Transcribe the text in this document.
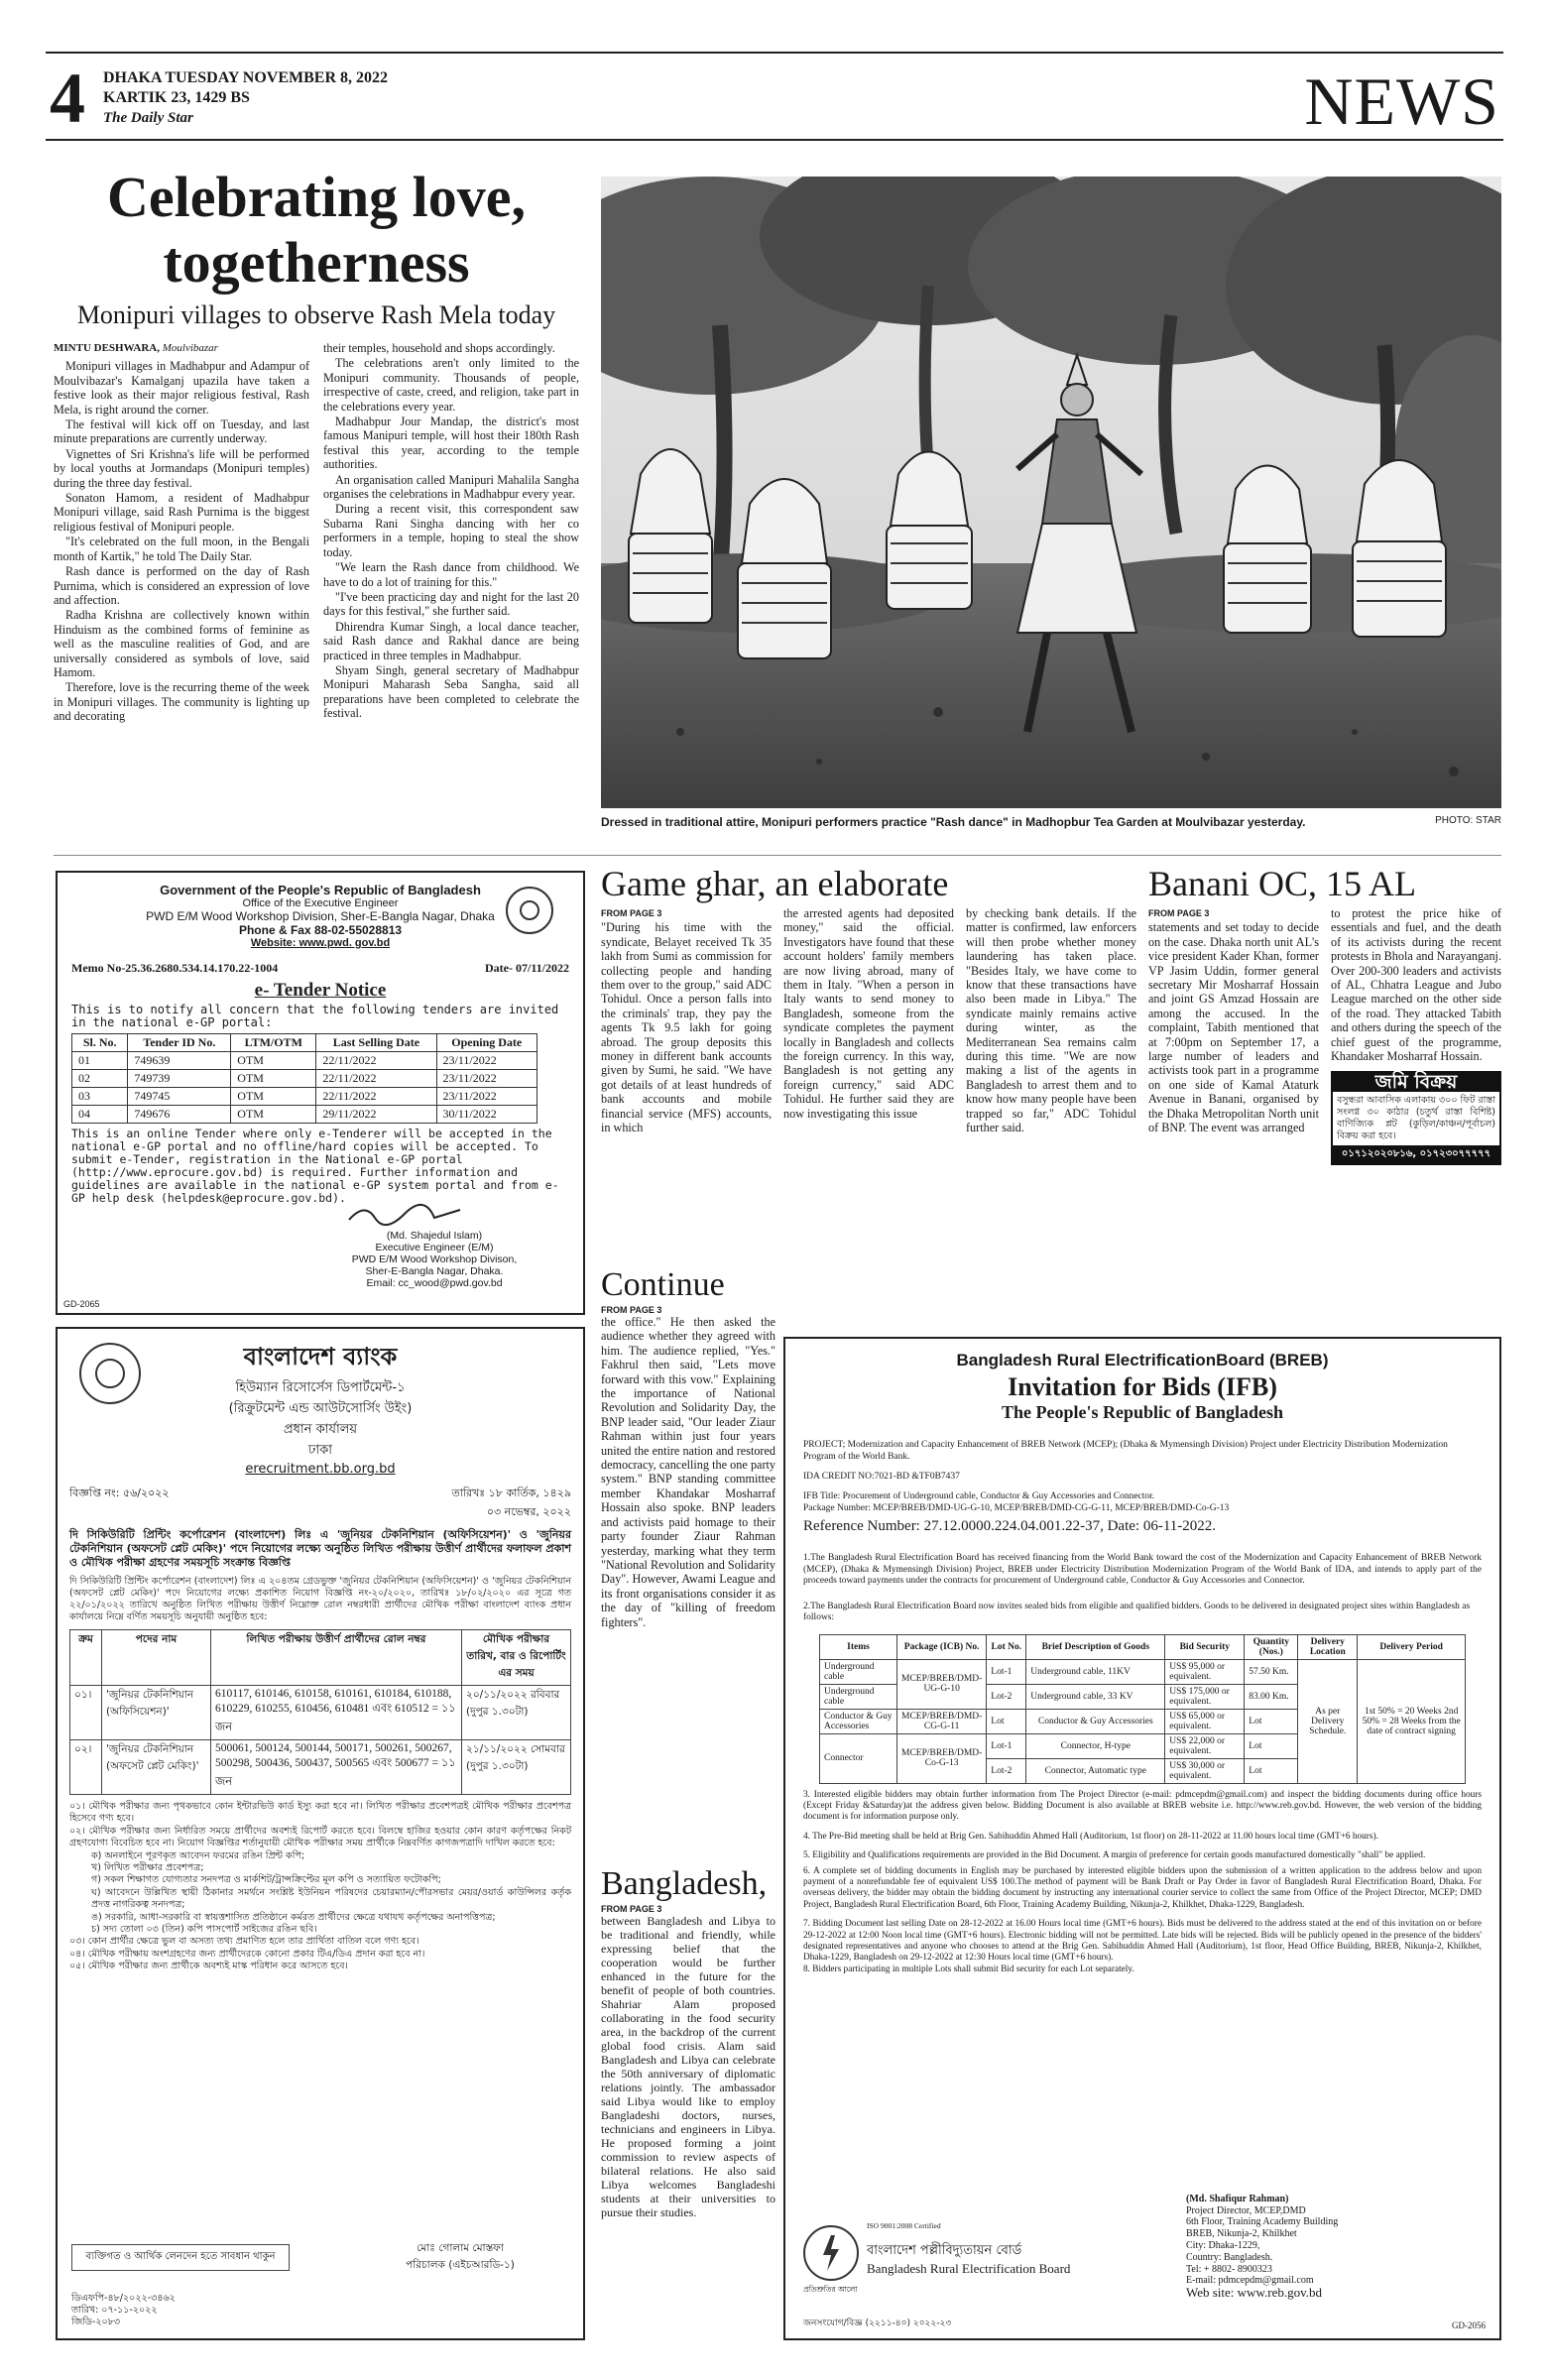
4 DHAKA TUESDAY NOVEMBER 8, 2022
KARTIK 23, 1429 BS
The Daily Star	NEWS
Celebrating love, togetherness
Monipuri villages to observe Rash Mela today
MINTU DESHWARA, Moulvibazar

Monipuri villages in Madhabpur and Adampur of Moulvibazar's Kamalganj upazila have taken a festive look as their major religious festival, Rash Mela, is right around the corner.

The festival will kick off on Tuesday, and last minute preparations are currently underway.

Vignettes of Sri Krishna's life will be performed by local youths at Jormandaps (Monipuri temples) during the three day festival.

Sonaton Hamom, a resident of Madhabpur Monipuri village, said Rash Purnima is the biggest religious festival of Monipuri people.

"It's celebrated on the full moon, in the Bengali month of Kartik," he told The Daily Star.

Rash dance is performed on the day of Rash Purnima, which is considered an expression of love and affection.

Radha Krishna are collectively known within Hinduism as the combined forms of feminine as well as the masculine realities of God, and are universally considered as symbols of love, said Hamom.

Therefore, love is the recurring theme of the week in Monipuri villages. The community is lighting up and decorating

their temples, household and shops accordingly.

The celebrations aren't only limited to the Monipuri community. Thousands of people, irrespective of caste, creed, and religion, take part in the celebrations every year.

Madhabpur Jour Mandap, the district's most famous Manipuri temple, will host their 180th Rash festival this year, according to the temple authorities.

An organisation called Manipuri Mahalila Sangha organises the celebrations in Madhabpur every year.

During a recent visit, this correspondent saw Subarna Rani Singha dancing with her co performers in a temple, hoping to steal the show today.

"We learn the Rash dance from childhood. We have to do a lot of training for this."

"I've been practicing day and night for the last 20 days for this festival," she further said.

Dhirendra Kumar Singh, a local dance teacher, said Rash dance and Rakhal dance are being practiced in three temples in Madhabpur.

Shyam Singh, general secretary of Madhabpur Monipuri Maharash Seba Sangha, said all preparations have been completed to celebrate the festival.

Dressed in traditional attire, Monipuri performers practice "Rash dance" in Madhopbur Tea Garden at Moulvibazar yesterday.	PHOTO: STAR
Government of the People's Republic of Bangladesh
Office of the Executive Engineer
PWD E/M Wood Workshop Division, Sher-E-Bangla Nagar, Dhaka
Phone & Fax 88-02-55028813
Website: www.pwd. gov.bd
Memo No-25.36.2680.534.14.170.22-1004	Date- 07/11/2022
e- Tender Notice
This is to notify all concern that the following tenders are invited in the national e-GP portal:
Sl. No.	Tender ID No.	LTM/OTM	Last Selling Date	Opening Date
01	749639	OTM	22/11/2022	23/11/2022
02	749739	OTM	22/11/2022	23/11/2022
03	749745	OTM	22/11/2022	23/11/2022
04	749676	OTM	29/11/2022	30/11/2022
This is an online Tender where only e-Tenderer will be accepted in the national e-GP portal and no offline/hard copies will be accepted. To submit e-Tender, registration in the National e-GP portal (http://www.eprocure.gov.bd) is required. Further information and guidelines are available in the national e-GP system portal and from e-GP help desk (helpdesk@eprocure.gov.bd).
(Md. Shajedul Islam)
Executive Engineer (E/M)
PWD E/M Wood Workshop Divison,
Sher-E-Bangla Nagar, Dhaka.
Email: cc_wood@pwd.gov.bd
GD-2065
বাংলাদেশ ব্যাংক
হিউম্যান রিসোর্সেস ডিপার্টমেন্ট-১
(রিক্রুটমেন্ট এন্ড আউটসোর্সিং উইং)
প্রধান কার্যালয়
ঢাকা
erecruitment.bb.org.bd
বিজ্ঞপ্তি নং: ৫৬/২০২২	তারিখঃ ১৮ কার্তিক, ১৪২৯
০৩ নভেম্বর, ২০২২
দি সিকিউরিটি প্রিন্টিং কর্পোরেশন (বাংলাদেশ) লিঃ এ 'জুনিয়র টেকনিশিয়ান (অফিসিয়েশন)' ও 'জুনিয়র টেকনিশিয়ান (অফসেট প্লেট মেকিং)' পদে নিয়োগের লক্ষ্যে অনুষ্ঠিত লিখিত পরীক্ষায় উত্তীর্ণ প্রার্থীদের ফলাফল প্রকাশ ও মৌখিক পরীক্ষা গ্রহণের সময়সূচি সংক্রান্ত বিজ্ঞপ্তি
দি সিকিউরিটি প্রিন্টিং কর্পোরেশন (বাংলাদেশ) লিঃ এ ২০৪তম গ্রেডভুক্ত 'জুনিয়র টেকনিশিয়ান (অফিসিয়েশন)' ও 'জুনিয়র টেকনিশিয়ান (অফসেট প্লেট মেকিং)' পদে নিয়োগের লক্ষ্যে প্রকাশিত নিয়োগ বিজ্ঞপ্তি নং-২০/২০২০, তারিখঃ ১৮/০২/২০২০ এর সূত্রে গত ২২/০১/২০২২ তারিখে অনুষ্ঠিত লিখিত পরীক্ষায় উত্তীর্ণ নিম্নোক্ত রোল নম্বরধারী প্রার্থীদের মৌখিক পরীক্ষা বাংলাদেশ ব্যাংক প্রধান কার্যালয়ে নিম্নে বর্ণিত সময়সূচি অনুযায়ী অনুষ্ঠিত হবে:
ক্রম	পদের নাম	লিখিত পরীক্ষায় উত্তীর্ণ প্রার্থীদের রোল নম্বর	মৌখিক পরীক্ষার তারিখ, বার ও রিপোর্টিং এর সময়
০১।	'জুনিয়র টেকনিশিয়ান (অফিসিয়েশন)'	610117, 610146, 610158, 610161, 610184, 610188, 610229, 610255, 610456, 610481 এবং 610512 = ১১ জন	২০/১১/২০২২ রবিবার (দুপুর ১.৩০টা)
০২।	'জুনিয়র টেকনিশিয়ান (অফসেট প্লেট মেকিং)'	500061, 500124, 500144, 500171, 500261, 500267, 500298, 500436, 500437, 500565 এবং 500677 = ১১ জন	২১/১১/২০২২ সোমবার (দুপুর ১.৩০টা)
০১। মৌখিক পরীক্ষার জন্য পৃথকভাবে কোন ইন্টারভিউ কার্ড ইস্যু করা হবে না। লিখিত পরীক্ষার প্রবেশপত্রই মৌখিক পরীক্ষার প্রবেশপত্র হিসেবে গণ্য হবে।
০২। মৌখিক পরীক্ষার জন্য নির্ধারিত সময়ে প্রার্থীদের অবশ্যই রিপোর্ট করতে হবে। বিলম্বে হাজির হওয়ার কোন কারণ কর্তৃপক্ষের নিকট গ্রহণযোগ্য বিবেচিত হবে না। নিয়োগ বিজ্ঞপ্তির শর্তানুযায়ী মৌখিক পরীক্ষার সময় প্রার্থীকে নিম্নবর্ণিত কাগজপত্রাদি দাখিল করতে হবে:
ক) অনলাইনে পূরণকৃত আবেদন ফরমের রঙিন প্রিন্ট কপি;
খ) লিখিত পরীক্ষার প্রবেশপত্র;
গ) সকল শিক্ষাগত যোগ্যতার সনদপত্র ও মার্কশিট/ট্রান্সক্রিপ্টের মূল কপি ও সত্যায়িত ফটোকপি;
ঘ) আবেদনে উল্লিখিত স্থায়ী ঠিকানার সমর্থনে সংশ্লিষ্ট ইউনিয়ন পরিষদের চেয়ারম্যান/পৌরসভার মেয়র/ওয়ার্ড কাউন্সিলর কর্তৃক প্রদত্ত নাগরিকত্ব সনদপত্র;
ঙ) সরকারি, আধা-সরকারি বা স্বায়ত্তশাসিত প্রতিষ্ঠানে কর্মরত প্রার্থীদের ক্ষেত্রে যথাযথ কর্তৃপক্ষের অনাপত্তিপত্র;
চ) সদ্য তোলা ০৩ (তিন) কপি পাসপোর্ট সাইজের রঙিন ছবি।
০৩। কোন প্রার্থীর ক্ষেত্রে ভুল বা অসত্য তথ্য প্রমাণিত হলে তার প্রার্থিতা বাতিল বলে গণ্য হবে।
০৪। মৌখিক পরীক্ষায় অংশগ্রহণের জন্য প্রার্থীদেরকে কোনো প্রকার টিএ/ডিএ প্রদান করা হবে না।
০৫। মৌখিক পরীক্ষার জন্য প্রার্থীকে অবশ্যই মাস্ক পরিধান করে আসতে হবে।
ব্যক্তিগত ও আর্থিক লেনদেন হতে সাবধান থাকুন
মোঃ গোলাম মোস্তফা
পরিচালক (এইচআরডি-১)
ডিএফপি-৪৮/২০২২-৩৪৬২
তারিখ: ০৭-১১-২০২২
জিডি-২০৮৩
Game ghar, an elaborate
FROM PAGE 3
"During his time with the syndicate, Belayet received Tk 35 lakh from Sumi as commission for collecting people and handing them over to the group," said ADC Tohidul. Once a person falls into the criminals' trap, they pay the agents Tk 9.5 lakh for going abroad. The group deposits this money in different bank accounts given by Sumi, he said. "We have got details of at least hundreds of bank accounts and mobile financial service (MFS) accounts, in which
the arrested agents had deposited money," said the official. Investigators have found that these account holders' family members are now living abroad, many of them in Italy. "When a person in Italy wants to send money to Bangladesh, someone from the syndicate completes the payment locally in Bangladesh and collects the foreign currency. In this way, Bangladesh is not getting any foreign currency," said ADC Tohidul. He further said they are now investigating this issue
by checking bank details. If the matter is confirmed, law enforcers will then probe whether money laundering has taken place. "Besides Italy, we have come to know that these transactions have also been made in Libya." The syndicate mainly remains active during winter, as the Mediterranean Sea remains calm during this time. "We are now making a list of the agents in Bangladesh to arrest them and to know how many people have been trapped so far," ADC Tohidul further said.
Banani OC, 15 AL
FROM PAGE 3
statements and set today to decide on the case. Dhaka north unit AL's vice president Kader Khan, former VP Jasim Uddin, former general secretary Mir Mosharraf Hossain and joint GS Amzad Hossain are among the accused. In the complaint, Tabith mentioned that at 7:00pm on September 17, a large number of leaders and activists took part in a programme on one side of Kamal Ataturk Avenue in Banani, organised by the Dhaka Metropolitan North unit of BNP. The event was arranged
to protest the price hike of essentials and fuel, and the death of its activists during the recent protests in Bhola and Narayanganj. Over 200-300 leaders and activists of AL, Chhatra League and Jubo League marched on the other side of the road. They attacked Tabith and others during the speech of the chief guest of the programme, Khandaker Mosharraf Hossain.
জমি বিক্রয়
বসুন্ধরা আবাসিক এলাকায় ৩০০ ফিট রাস্তা সংলগ্ন ৩০ কাঠার (চতুর্থ রাস্তা বিশিষ্ট) বাণিজ্যিক প্লট (কুড়িল/কাঞ্চন/পূর্বাচল) বিক্রয় করা হবে।
০১৭১২০২০৮১৬, ০১৭২৩০৭৭৭৭৭
Continue
FROM PAGE 3
the office." He then asked the audience whether they agreed with him. The audience replied, "Yes." Fakhrul then said, "Lets move forward with this vow." Explaining the importance of National Revolution and Solidarity Day, the BNP leader said, "Our leader Ziaur Rahman within just four years united the entire nation and restored democracy, cancelling the one party system." BNP standing committee member Khandakar Mosharraf Hossain also spoke. BNP leaders and activists paid homage to their party founder Ziaur Rahman yesterday, marking what they term "National Revolution and Solidarity Day". However, Awami League and its front organisations consider it as the day of "killing of freedom fighters".
Bangladesh,
FROM PAGE 3
between Bangladesh and Libya to be traditional and friendly, while expressing belief that the cooperation would be further enhanced in the future for the benefit of people of both countries. Shahriar Alam proposed collaborating in the food security area, in the backdrop of the current global food crisis. Alam said Bangladesh and Libya can celebrate the 50th anniversary of diplomatic relations jointly. The ambassador said Libya would like to employ Bangladeshi doctors, nurses, technicians and engineers in Libya. He proposed forming a joint commission to review aspects of bilateral relations. He also said Libya welcomes Bangladeshi students at their universities to pursue their studies.
Bangladesh Rural ElectrificationBoard (BREB)
Invitation for Bids (IFB)
The People's Republic of Bangladesh
PROJECT; Modernization and Capacity Enhancement of BREB Network (MCEP); (Dhaka & Mymensingh Division) Project under Electricity Distribution Modernization Program of the World Bank.
IDA CREDIT NO:7021-BD &TF0B7437
IFB Title: Procurement of Underground cable, Conductor & Guy Accessories and Connector.
Package Number: MCEP/BREB/DMD-UG-G-10, MCEP/BREB/DMD-CG-G-11, MCEP/BREB/DMD-Co-G-13
Reference Number: 27.12.0000.224.04.001.22-37, Date: 06-11-2022.
1.The Bangladesh Rural Electrification Board has received financing from the World Bank toward the cost of the Modernization and Capacity Enhancement of BREB Network (MCEP), (Dhaka & Mymensingh Division) Project, BREB under Electricity Distribution Modernization Program of the World Bank of IDA, and intends to apply part of the proceeds toward payments under the contracts for procurement of Underground cable, Conductor & Guy Accessories and Connector.
2.The Bangladesh Rural Electrification Board now invites sealed bids from eligible and qualified bidders. Goods to be delivered in designated project sites within Bangladesh as follows:
Items	Package (ICB) No.	Lot No.	Brief Description of Goods	Bid Security	Quantity (Nos.)	Delivery Location	Delivery Period
Underground cable	MCEP/BREB/DMD-UG-G-10	Lot-1	Underground cable, 11KV	US$ 95,000 or equivalent.	57.50 Km.	As per Delivery Schedule.	1st 50% = 20 Weeks 2nd 50% = 28 Weeks from the date of contract signing
Underground cable		Lot-2	Underground cable, 33 KV	US$ 175,000 or equivalent.	83.00 Km.		
Conductor & Guy Accessories	MCEP/BREB/DMD-CG-G-11	Lot	Conductor & Guy Accessories	US$ 65,000 or equivalent.	Lot		
Connector	MCEP/BREB/DMD-Co-G-13	Lot-1	Connector, H-type	US$ 22,000 or equivalent.	Lot		
		Lot-2	Connector, Automatic type	US$ 30,000 or equivalent.	Lot		
3. Interested eligible bidders may obtain further information from The Project Director (e-mail: pdmcepdm@gmail.com) and inspect the bidding documents during office hours (Except Friday &Saturday)at the address given below. Bidding Document is also available at BREB website i.e. http://www.reb.gov.bd. However, the web version of the bidding document is for information purpose only.
4. The Pre-Bid meeting shall be held at Brig Gen. Sabihuddin Ahmed Hall (Auditorium, 1st floor) on 28-11-2022 at 11.00 hours local time (GMT+6 hours).
5. Eligibility and Qualifications requirements are provided in the Bid Document. A margin of preference for certain goods manufactured domestically "shall" be applied.
6. A complete set of bidding documents in English may be purchased by interested eligible bidders upon the submission of a written application to the address below and upon payment of a nonrefundable fee of equivalent US$ 100.The method of payment will be Bank Draft or Pay Order in favor of Bangladesh Rural Electrification Board, Dhaka. For overseas delivery, the bidder may obtain the bidding document by instructing any international courier service to collect the same from Office of the Project Director, MCEP; DMD Project, Bangladesh Rural Electrification Board, 6th Floor, Training Academy Building, Nikunja-2, Khilkhet, Dhaka-1229, Bangladesh.
7. Bidding Document last selling Date on 28-12-2022 at 16.00 Hours local time (GMT+6 hours). Bids must be delivered to the address stated at the end of this invitation on or before 29-12-2022 at 12:00 Noon local time (GMT+6 hours). Electronic bidding will not be permitted. Late bids will be rejected. Bids will be publicly opened in the presence of the bidders' designated representatives and anyone who chooses to attend at the Brig Gen. Sabihuddin Ahmed Hall (Auditorium), 1st floor, Head Office Building, BREB, Nikunja-2, Khilkhet, Dhaka-1229, Bangladesh on 29-12-2022 at 12:30 Hours local time (GMT+6 hours).
8. Bidders participating in multiple Lots shall submit Bid security for each Lot separately.
প্রতিশ্রুতির আলো
ISO 9001:2008 Certified
বাংলাদেশ পল্লীবিদ্যুতায়ন বোর্ড
Bangladesh Rural Electrification Board
(Md. Shafiqur Rahman)
Project Director, MCEP,DMD
6th Floor, Training Academy Building
BREB, Nikunja-2, Khilkhet
City: Dhaka-1229,
Country: Bangladesh.
Tel: + 8802- 8900323
E-mail: pdmcepdm@gmail.com
Web site: www.reb.gov.bd
জনসংযোগ/বিজ্ঞ (২২১১-৪০) ২০২২-২৩	GD-2056
